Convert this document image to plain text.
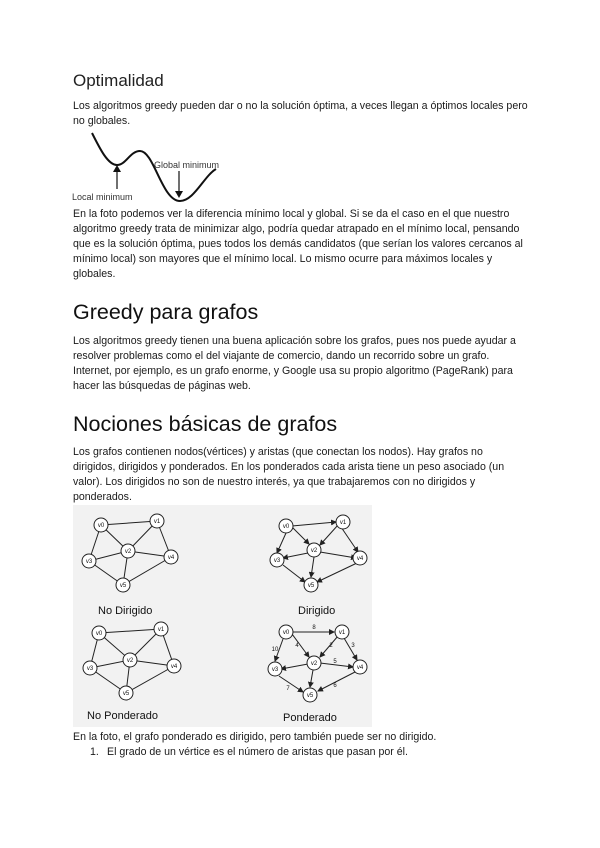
Optimalidad

Los algoritmos greedy pueden dar o no la solución óptima, a veces llegan a óptimos locales pero no globales.

Global minimum
Local minimum

En la foto podemos ver la diferencia mínimo local y global. Si se da el caso en el que nuestro algoritmo greedy trata de minimizar algo, podría quedar atrapado en el mínimo local, pensando que es la solución óptima, pues todos los demás candidatos (que serían los valores cercanos al mínimo local) son mayores que el mínimo local. Lo mismo ocurre para máximos locales y globales.

Greedy para grafos

Los algoritmos greedy tienen una buena aplicación sobre los grafos, pues nos puede ayudar a resolver problemas como el del viajante de comercio, dando un recorrido sobre un grafo. Internet, por ejemplo, es un grafo enorme, y Google usa su propio algoritmo (PageRank) para hacer las búsquedas de páginas web.

Nociones básicas de grafos

Los grafos contienen nodos(vértices) y aristas (que conectan los nodos). Hay grafos no dirigidos, dirigidos y ponderados. En los ponderados cada arista tiene un peso asociado (un valor). Los dirigidos no son de nuestro interés, ya que trabajaremos con no dirigidos y ponderados.

v0
v1
v2
v3
v4
v5
No Dirigido
v0
v1
v2
v3	v4
v5
Dirigido
v0
v1
v2
v3	v4
v5
No Ponderado
v0	v1
v2
v3	v4
v5
8
3
4	2
10
5
7	6
Ponderado

En la foto, el grafo ponderado es dirigido, pero también puede ser no dirigido.

1. El grado de un vértice es el número de aristas que pasan por él.
